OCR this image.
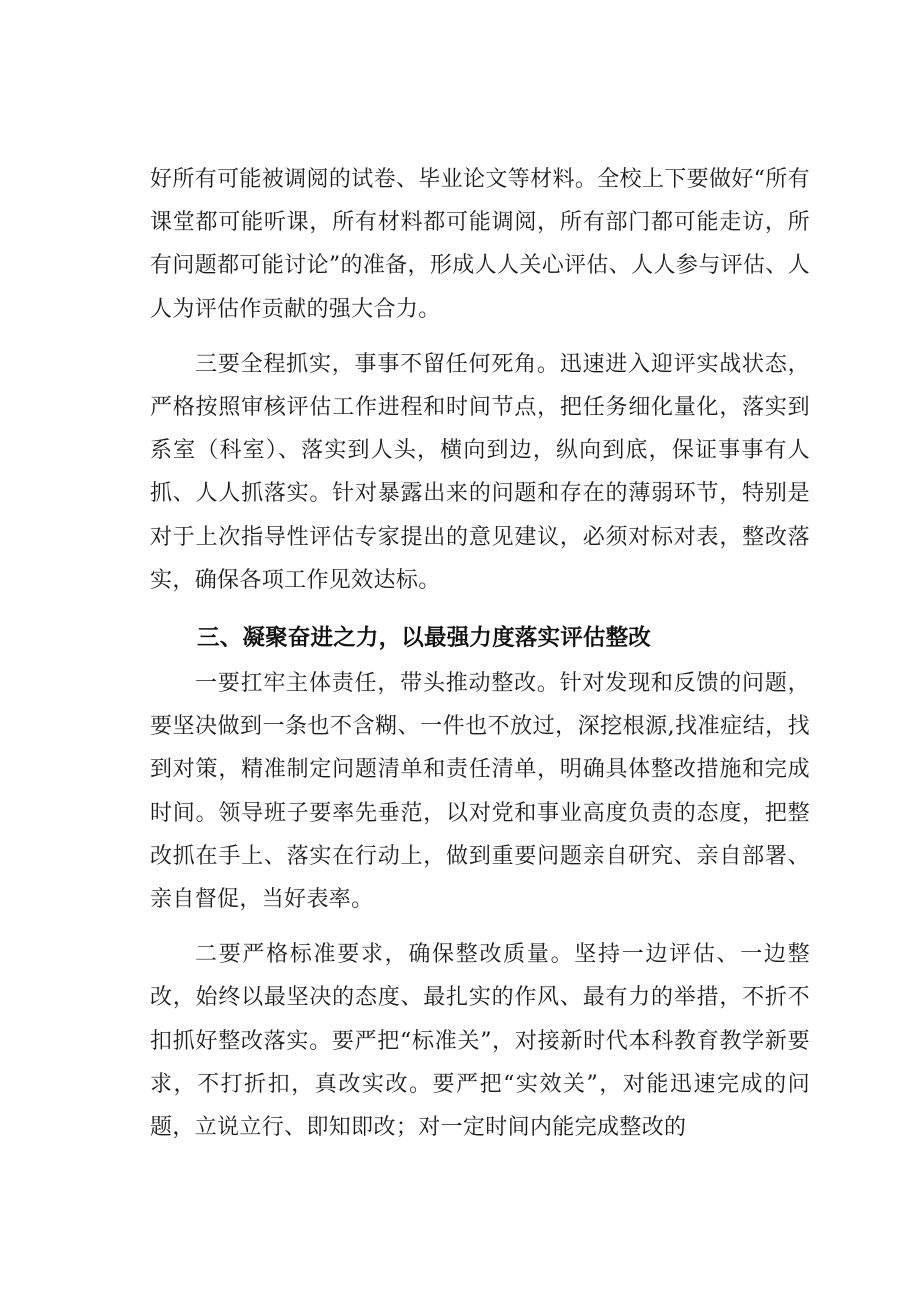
好所有可能被调阅的试卷、毕业论文等材料。全校上下要做好“所有课堂都可能听课，所有材料都可能调阅，所有部门都可能走访，所有问题都可能讨论”的准备，形成人人关心评估、人人参与评估、人人为评估作贡献的强大合力。

三要全程抓实，事事不留任何死角。迅速进入迎评实战状态，严格按照审核评估工作进程和时间节点，把任务细化量化，落实到系室（科室）、落实到人头，横向到边，纵向到底，保证事事有人抓、人人抓落实。针对暴露出来的问题和存在的薄弱环节，特别是对于上次指导性评估专家提出的意见建议，必须对标对表，整改落实，确保各项工作见效达标。

三、凝聚奋进之力，以最强力度落实评估整改

一要扛牢主体责任，带头推动整改。针对发现和反馈的问题，要坚决做到一条也不含糊、一件也不放过，深挖根源,找准症结，找到对策，精准制定问题清单和责任清单，明确具体整改措施和完成时间。领导班子要率先垂范，以对党和事业高度负责的态度，把整改抓在手上、落实在行动上，做到重要问题亲自研究、亲自部署、亲自督促，当好表率。

二要严格标准要求，确保整改质量。坚持一边评估、一边整改，始终以最坚决的态度、最扎实的作风、最有力的举措，不折不扣抓好整改落实。要严把“标准关”，对接新时代本科教育教学新要求，不打折扣，真改实改。要严把“实效关”，对能迅速完成的问题，立说立行、即知即改；对一定时间内能完成整改的
